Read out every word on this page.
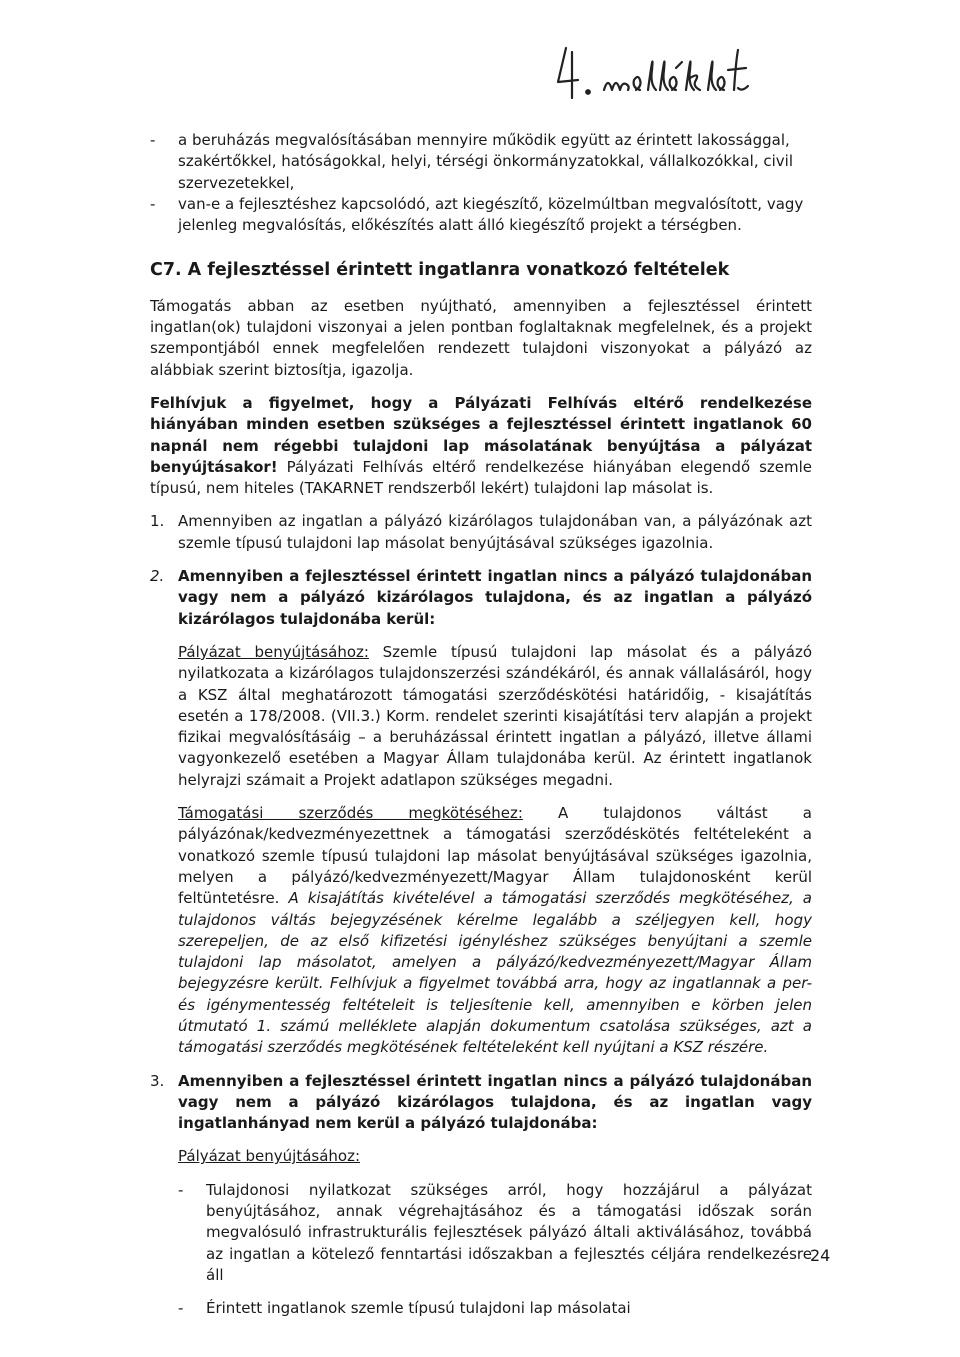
-	a beruházás megvalósításában mennyire működik együtt az érintett lakossággal, szakértőkkel, hatóságokkal, helyi, térségi önkormányzatokkal, vállalkozókkal, civil szervezetekkel,
-	van-e a fejlesztéshez kapcsolódó, azt kiegészítő, közelmúltban megvalósított, vagy jelenleg megvalósítás, előkészítés alatt álló kiegészítő projekt a térségben.
C7. A fejlesztéssel érintett ingatlanra vonatkozó feltételek

Támogatás abban az esetben nyújtható, amennyiben a fejlesztéssel érintett ingatlan(ok) tulajdoni viszonyai a jelen pontban foglaltaknak megfelelnek, és a projekt szempontjából ennek megfelelően rendezett tulajdoni viszonyokat a pályázó az alábbiak szerint biztosítja, igazolja.

Felhívjuk a figyelmet, hogy a Pályázati Felhívás eltérő rendelkezése hiányában minden esetben szükséges a fejlesztéssel érintett ingatlanok 60 napnál nem régebbi tulajdoni lap másolatának benyújtása a pályázat benyújtásakor! Pályázati Felhívás eltérő rendelkezése hiányában elegendő szemle típusú, nem hiteles (TAKARNET rendszerből lekért) tulajdoni lap másolat is.

1. Amennyiben az ingatlan a pályázó kizárólagos tulajdonában van, a pályázónak azt szemle típusú tulajdoni lap másolat benyújtásával szükséges igazolnia.
2. Amennyiben a fejlesztéssel érintett ingatlan nincs a pályázó tulajdonában vagy nem a pályázó kizárólagos tulajdona, és az ingatlan a pályázó kizárólagos tulajdonába kerül:

Pályázat benyújtásához: Szemle típusú tulajdoni lap másolat és a pályázó nyilatkozata a kizárólagos tulajdonszerzési szándékáról, és annak vállalásáról, hogy a KSZ által meghatározott támogatási szerződéskötési határidőig, - kisajátítás esetén a 178/2008. (VII.3.) Korm. rendelet szerinti kisajátítási terv alapján a projekt fizikai megvalósításáig – a beruházással érintett ingatlan a pályázó, illetve állami vagyonkezelő esetében a Magyar Állam tulajdonába kerül. Az érintett ingatlanok helyrajzi számait a Projekt adatlapon szükséges megadni.

Támogatási szerződés megkötéséhez: A tulajdonos váltást a pályázónak/kedvezményezettnek a támogatási szerződéskötés feltételeként a vonatkozó szemle típusú tulajdoni lap másolat benyújtásával szükséges igazolnia, melyen a pályázó/kedvezményezett/Magyar Állam tulajdonosként kerül feltüntetésre. A kisajátítás kivételével a támogatási szerződés megkötéséhez, a tulajdonos váltás bejegyzésének kérelme legalább a széljegyen kell, hogy szerepeljen, de az első kifizetési igényléshez szükséges benyújtani a szemle tulajdoni lap másolatot, amelyen a pályázó/kedvezményezett/Magyar Állam bejegyzésre került. Felhívjuk a figyelmet továbbá arra, hogy az ingatlannak a per- és igénymentesség feltételeit is teljesítenie kell, amennyiben e körben jelen útmutató 1. számú melléklete alapján dokumentum csatolása szükséges, azt a támogatási szerződés megkötésének feltételeként kell nyújtani a KSZ részére.

3. Amennyiben a fejlesztéssel érintett ingatlan nincs a pályázó tulajdonában vagy nem a pályázó kizárólagos tulajdona, és az ingatlan vagy ingatlanhányad nem kerül a pályázó tulajdonába:

Pályázat benyújtásához:

-	Tulajdonosi nyilatkozat szükséges arról, hogy hozzájárul a pályázat benyújtásához, annak végrehajtásához és a támogatási időszak során megvalósuló infrastrukturális fejlesztések pályázó általi aktiválásához, továbbá az ingatlan a kötelező fenntartási időszakban a fejlesztés céljára rendelkezésre áll
-	Érintett ingatlanok szemle típusú tulajdoni lap másolatai
24
